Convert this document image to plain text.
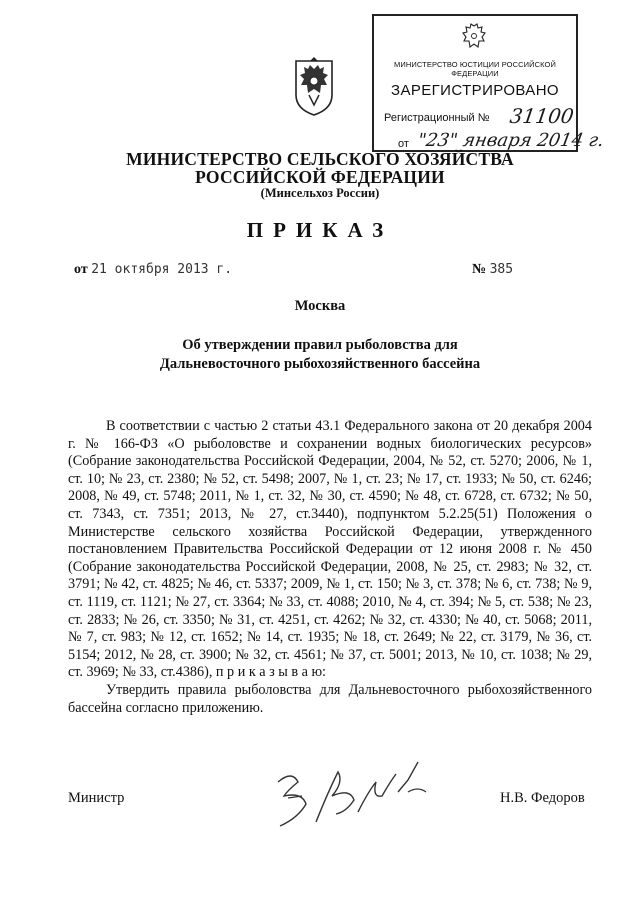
МИНИСТЕРСТВО ЮСТИЦИИ РОССИЙСКОЙ ФЕДЕРАЦИИ
ЗАРЕГИСТРИРОВАНО
Регистрационный № 31100
от "23" января 2014 г.
МИНИСТЕРСТВО СЕЛЬСКОГО ХОЗЯЙСТВА
РОССИЙСКОЙ ФЕДЕРАЦИИ
(Минсельхоз России)
ПРИКАЗ
от 21 октября 2013 г.	№ 385
Москва
Об утверждении правил рыболовства для
Дальневосточного рыбохозяйственного бассейна

В соответствии с частью 2 статьи 43.1 Федерального закона от 20 декабря 2004 г. № 166-ФЗ «О рыболовстве и сохранении водных биологических ресурсов» (Собрание законодательства Российской Федерации, 2004, № 52, ст. 5270; 2006, № 1, ст. 10; № 23, ст. 2380; № 52, ст. 5498; 2007, № 1, ст. 23; № 17, ст. 1933; № 50, ст. 6246; 2008, № 49, ст. 5748; 2011, № 1, ст. 32, № 30, ст. 4590; № 48, ст. 6728, ст. 6732; № 50, ст. 7343, ст. 7351; 2013, № 27, ст.3440), подпунктом 5.2.25(51) Положения о Министерстве сельского хозяйства Российской Федерации, утвержденного постановлением Правительства Российской Федерации от 12 июня 2008 г. № 450 (Собрание законодательства Российской Федерации, 2008, № 25, ст. 2983; № 32, ст. 3791; № 42, ст. 4825; № 46, ст. 5337; 2009, № 1, ст. 150; № 3, ст. 378; № 6, ст. 738; № 9, ст. 1119, ст. 1121; № 27, ст. 3364; № 33, ст. 4088; 2010, № 4, ст. 394; № 5, ст. 538; № 23, ст. 2833; № 26, ст. 3350; № 31, ст. 4251, ст. 4262; № 32, ст. 4330; № 40, ст. 5068; 2011, № 7, ст. 983; № 12, ст. 1652; № 14, ст. 1935; № 18, ст. 2649; № 22, ст. 3179, № 36, ст. 5154; 2012, № 28, ст. 3900; № 32, ст. 4561; № 37, ст. 5001; 2013, № 10, ст. 1038; № 29, ст. 3969; № 33, ст.4386), п р и к а з ы в а ю:

Утвердить правила рыболовства для Дальневосточного рыбохозяйственного бассейна согласно приложению.

Министр	Н.В. Федоров
